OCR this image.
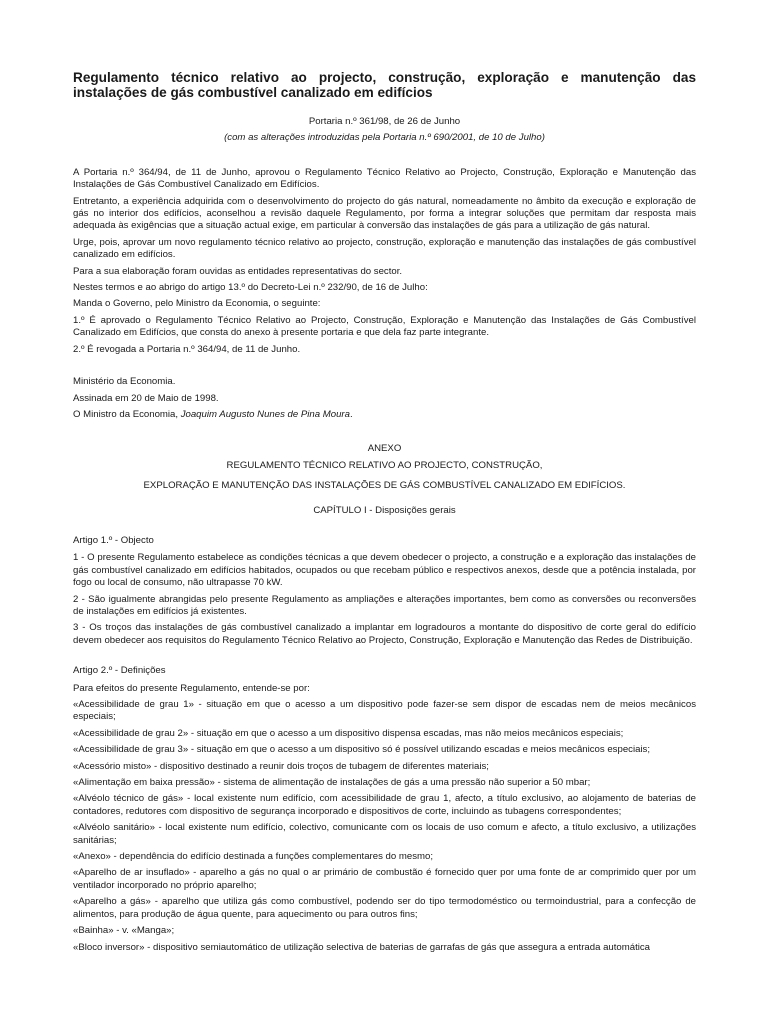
Regulamento técnico relativo ao projecto, construção, exploração e manutenção das instalações de gás combustível canalizado em edifícios
Portaria n.º 361/98, de 26 de Junho
(com as alterações introduzidas pela Portaria n.º 690/2001, de 10 de Julho)

A Portaria n.º 364/94, de 11 de Junho, aprovou o Regulamento Técnico Relativo ao Projecto, Construção, Exploração e Manutenção das Instalações de Gás Combustível Canalizado em Edifícios.

Entretanto, a experiência adquirida com o desenvolvimento do projecto do gás natural, nomeadamente no âmbito da execução e exploração de gás no interior dos edifícios, aconselhou a revisão daquele Regulamento, por forma a integrar soluções que permitam dar resposta mais adequada às exigências que a situação actual exige, em particular à conversão das instalações de gás para a utilização de gás natural.

Urge, pois, aprovar um novo regulamento técnico relativo ao projecto, construção, exploração e manutenção das instalações de gás combustível canalizado em edifícios.

Para a sua elaboração foram ouvidas as entidades representativas do sector.

Nestes termos e ao abrigo do artigo 13.º do Decreto-Lei n.º 232/90, de 16 de Julho:

Manda o Governo, pelo Ministro da Economia, o seguinte:

1.º É aprovado o Regulamento Técnico Relativo ao Projecto, Construção, Exploração e Manutenção das Instalações de Gás Combustível Canalizado em Edifícios, que consta do anexo à presente portaria e que dela faz parte integrante.

2.º É revogada a Portaria n.º 364/94, de 11 de Junho.

Ministério da Economia.

Assinada em 20 de Maio de 1998.

O Ministro da Economia, Joaquim Augusto Nunes de Pina Moura.

ANEXO
REGULAMENTO TÉCNICO RELATIVO AO PROJECTO, CONSTRUÇÃO,
EXPLORAÇÃO E MANUTENÇÃO DAS INSTALAÇÕES DE GÁS COMBUSTÍVEL CANALIZADO EM EDIFÍCIOS.
CAPÍTULO I - Disposições gerais
Artigo 1.º - Objecto

1 - O presente Regulamento estabelece as condições técnicas a que devem obedecer o projecto, a construção e a exploração das instalações de gás combustível canalizado em edifícios habitados, ocupados ou que recebam público e respectivos anexos, desde que a potência instalada, por fogo ou local de consumo, não ultrapasse 70 kW.

2 - São igualmente abrangidas pelo presente Regulamento as ampliações e alterações importantes, bem como as conversões ou reconversões de instalações em edifícios já existentes.

3 - Os troços das instalações de gás combustível canalizado a implantar em logradouros a montante do dispositivo de corte geral do edifício devem obedecer aos requisitos do Regulamento Técnico Relativo ao Projecto, Construção, Exploração e Manutenção das Redes de Distribuição.

Artigo 2.º - Definições

Para efeitos do presente Regulamento, entende-se por:

«Acessibilidade de grau 1» - situação em que o acesso a um dispositivo pode fazer-se sem dispor de escadas nem de meios mecânicos especiais;

«Acessibilidade de grau 2» - situação em que o acesso a um dispositivo dispensa escadas, mas não meios mecânicos especiais;

«Acessibilidade de grau 3» - situação em que o acesso a um dispositivo só é possível utilizando escadas e meios mecânicos especiais;

«Acessório misto» - dispositivo destinado a reunir dois troços de tubagem de diferentes materiais;

«Alimentação em baixa pressão» - sistema de alimentação de instalações de gás a uma pressão não superior a 50 mbar;

«Alvéolo técnico de gás» - local existente num edifício, com acessibilidade de grau 1, afecto, a título exclusivo, ao alojamento de baterias de contadores, redutores com dispositivo de segurança incorporado e dispositivos de corte, incluindo as tubagens correspondentes;

«Alvéolo sanitário» - local existente num edifício, colectivo, comunicante com os locais de uso comum e afecto, a título exclusivo, a utilizações sanitárias;

«Anexo» - dependência do edifício destinada a funções complementares do mesmo;

«Aparelho de ar insuflado» - aparelho a gás no qual o ar primário de combustão é fornecido quer por uma fonte de ar comprimido quer por um ventilador incorporado no próprio aparelho;

«Aparelho a gás» - aparelho que utiliza gás como combustível, podendo ser do tipo termodoméstico ou termoindustrial, para a confecção de alimentos, para produção de água quente, para aquecimento ou para outros fins;

«Bainha» - v. «Manga»;

«Bloco inversor» - dispositivo semiautomático de utilização selectiva de baterias de garrafas de gás que assegura a entrada automática
